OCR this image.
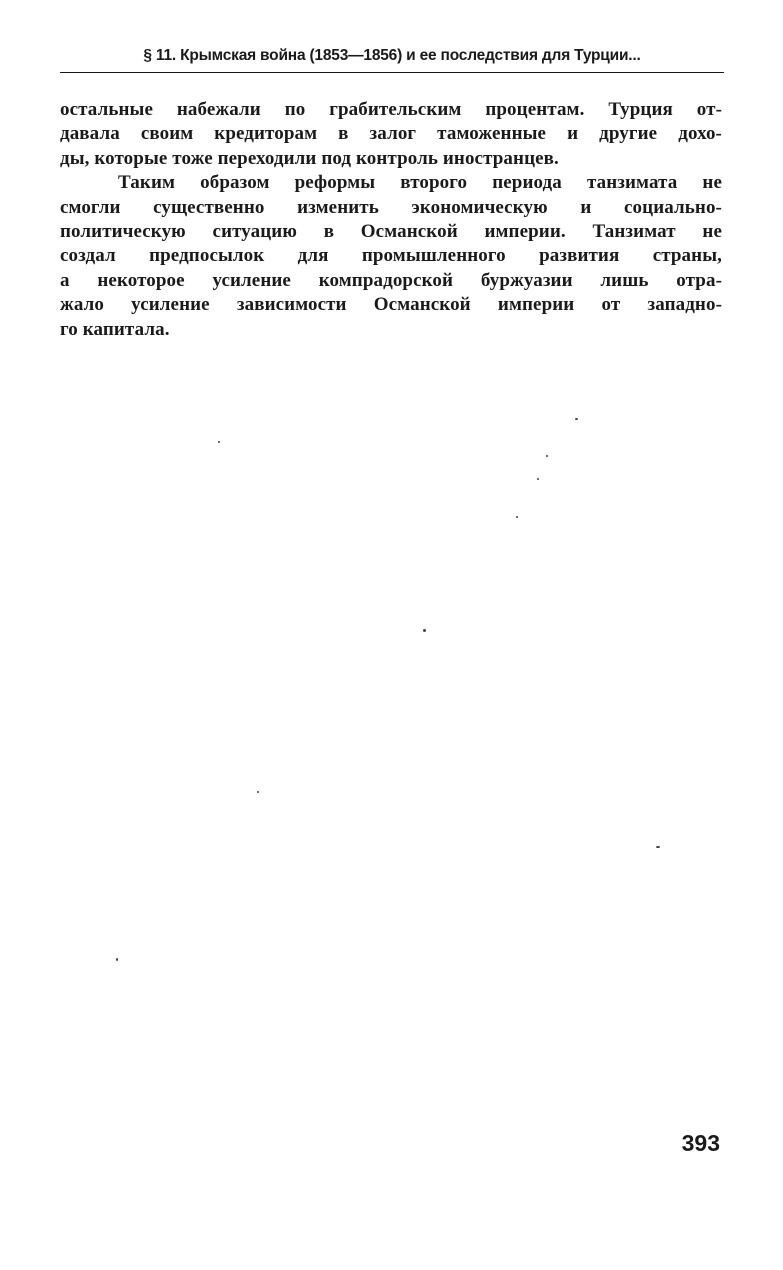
§ 11. Крымская война (1853—1856) и ее последствия для Турции...
остальные набежали по грабительским процентам. Турция от-
давала своим кредиторам в залог таможенные и другие дохо-
ды, которые тоже переходили под контроль иностранцев.
Таким образом реформы второго периода танзимата не
смогли существенно изменить экономическую и социально-
политическую ситуацию в Османской империи. Танзимат не
создал предпосылок для промышленного развития страны,
а некоторое усиление компрадорской буржуазии лишь отра-
жало усиление зависимости Османской империи от западно-
го капитала.
393
